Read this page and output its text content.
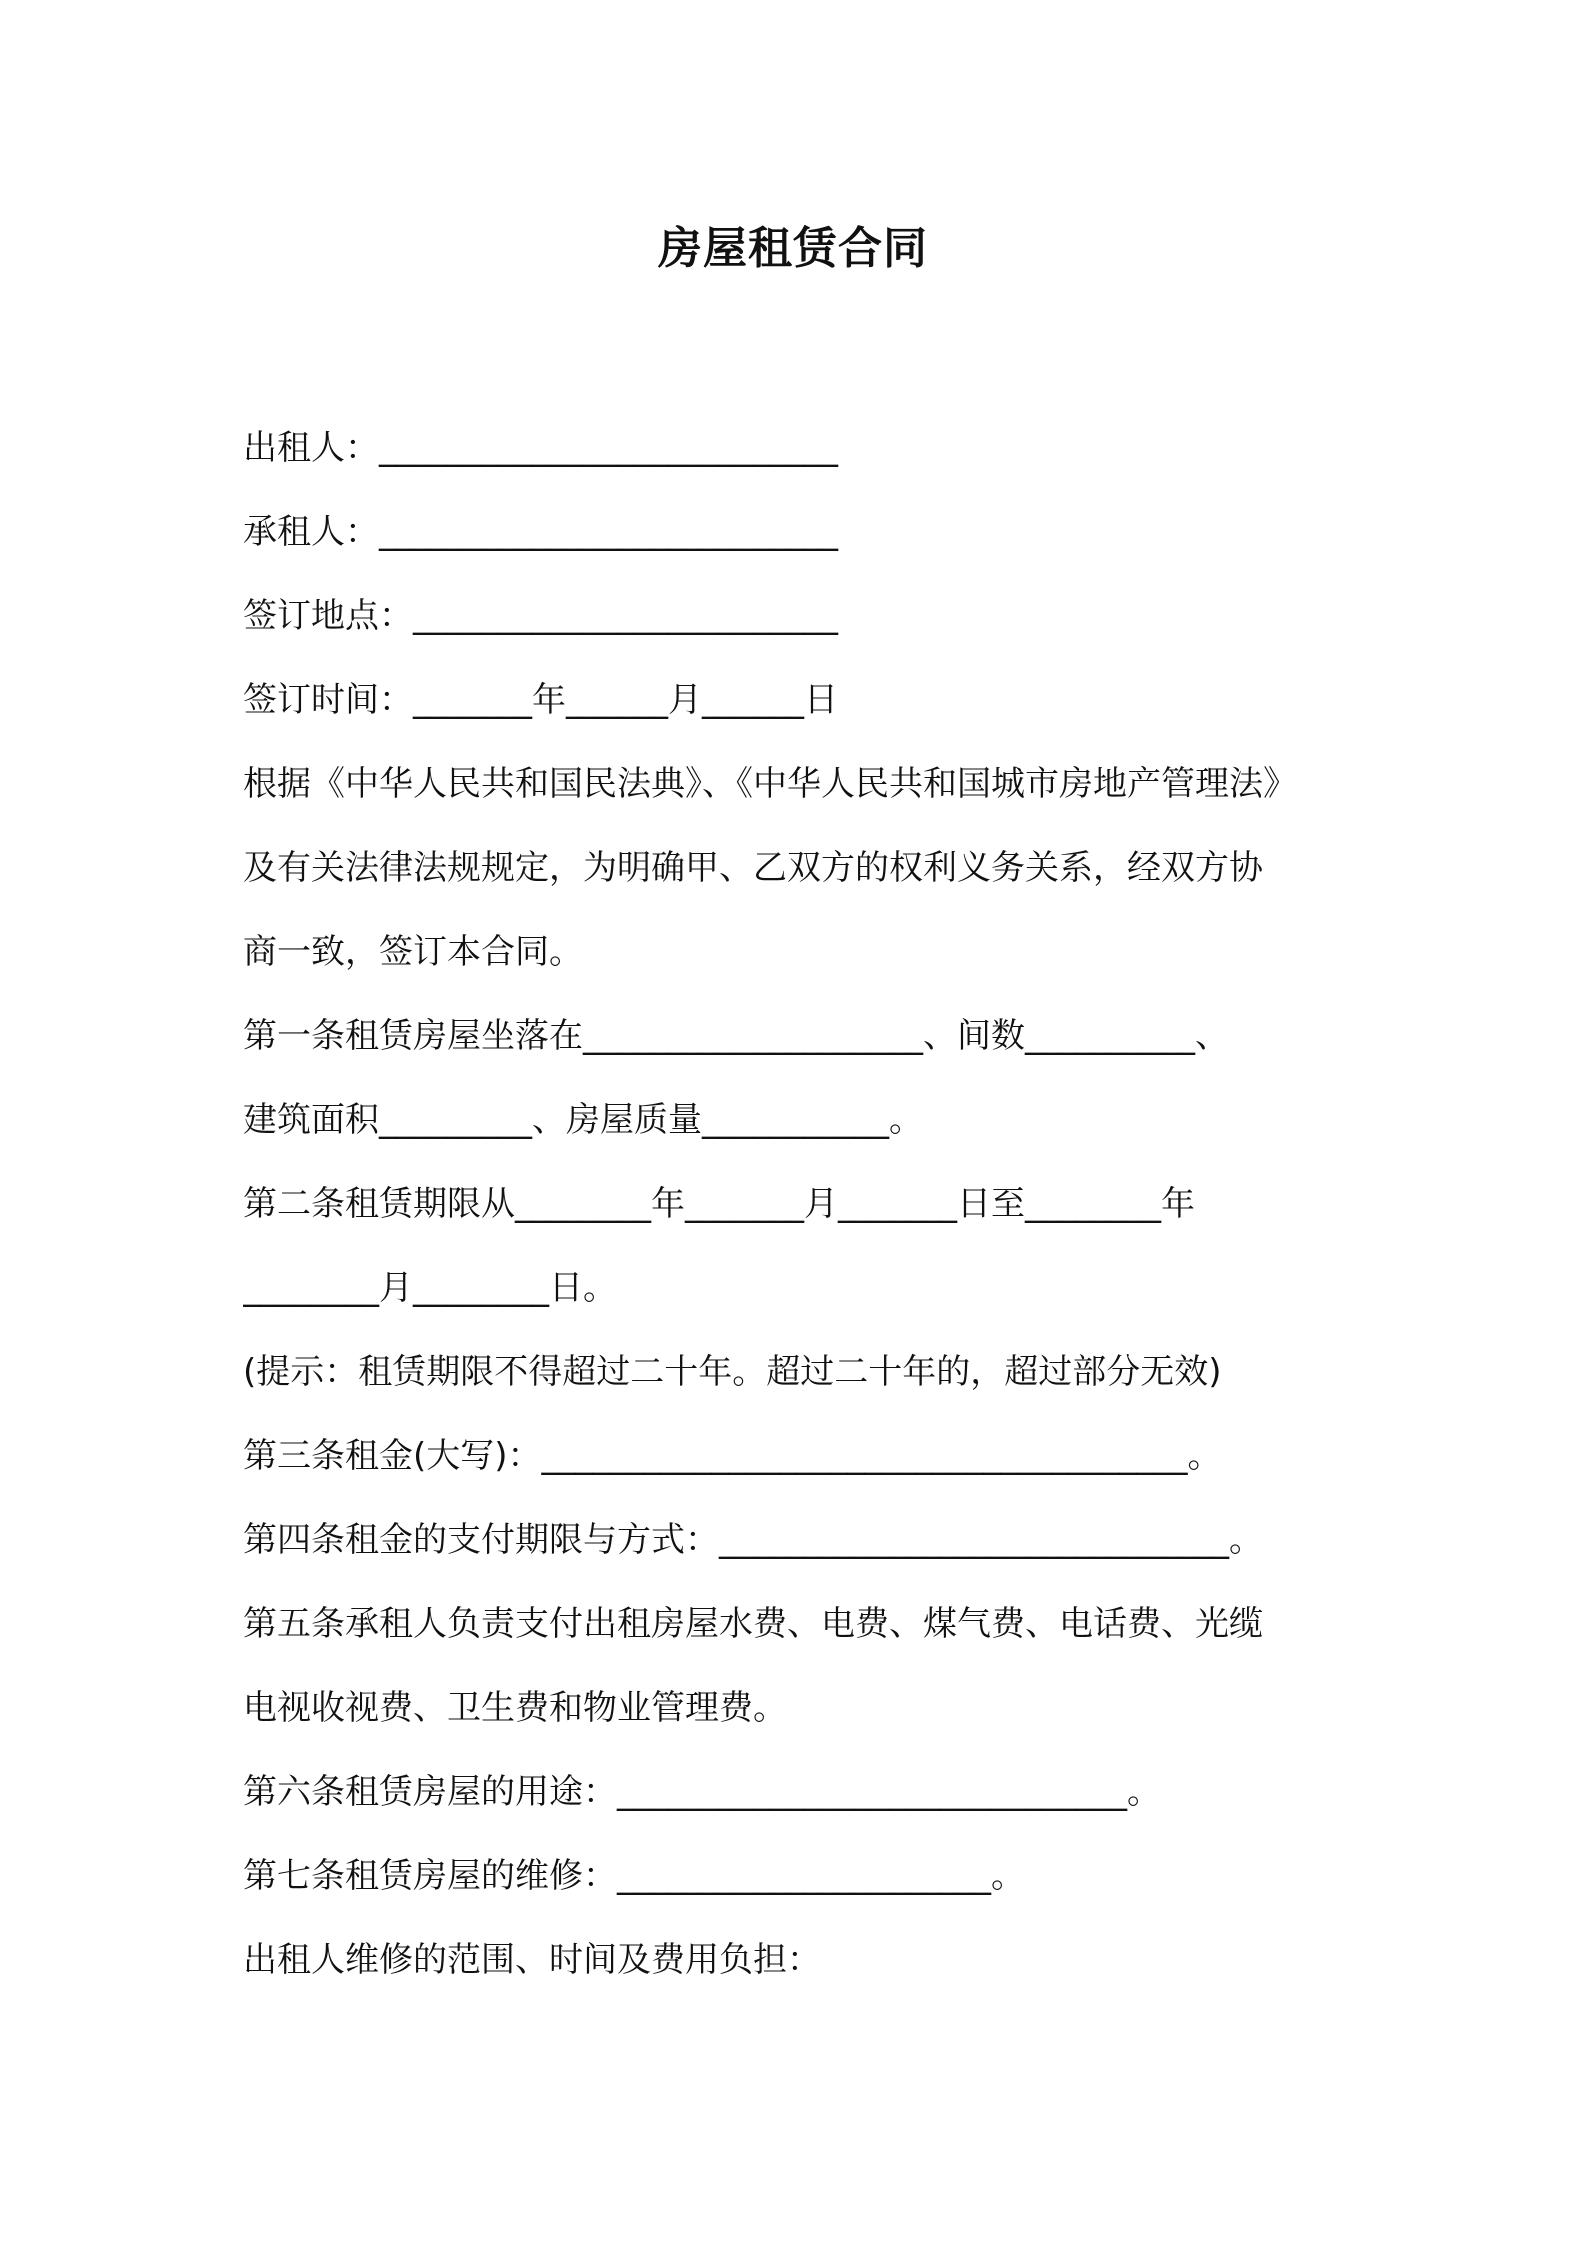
房屋租赁合同
出租人：___________________________
承租人：___________________________
签订地点：_________________________
签订时间：_______年______月______日
根据《中华人民共和国民法典》、《中华人民共和国城市房地产管理法》
及有关法律法规规定，为明确甲、乙双方的权利义务关系，经双方协
商一致，签订本合同。
第一条租赁房屋坐落在____________________、间数__________、
建筑面积_________、房屋质量___________。
第二条租赁期限从________年_______月_______日至________年
________月________日。
(提示：租赁期限不得超过二十年。超过二十年的，超过部分无效)
第三条租金(大写)：______________________________________。
第四条租金的支付期限与方式：______________________________。
第五条承租人负责支付出租房屋水费、电费、煤气费、电话费、光缆
电视收视费、卫生费和物业管理费。
第六条租赁房屋的用途：______________________________。
第七条租赁房屋的维修：______________________。
出租人维修的范围、时间及费用负担：
